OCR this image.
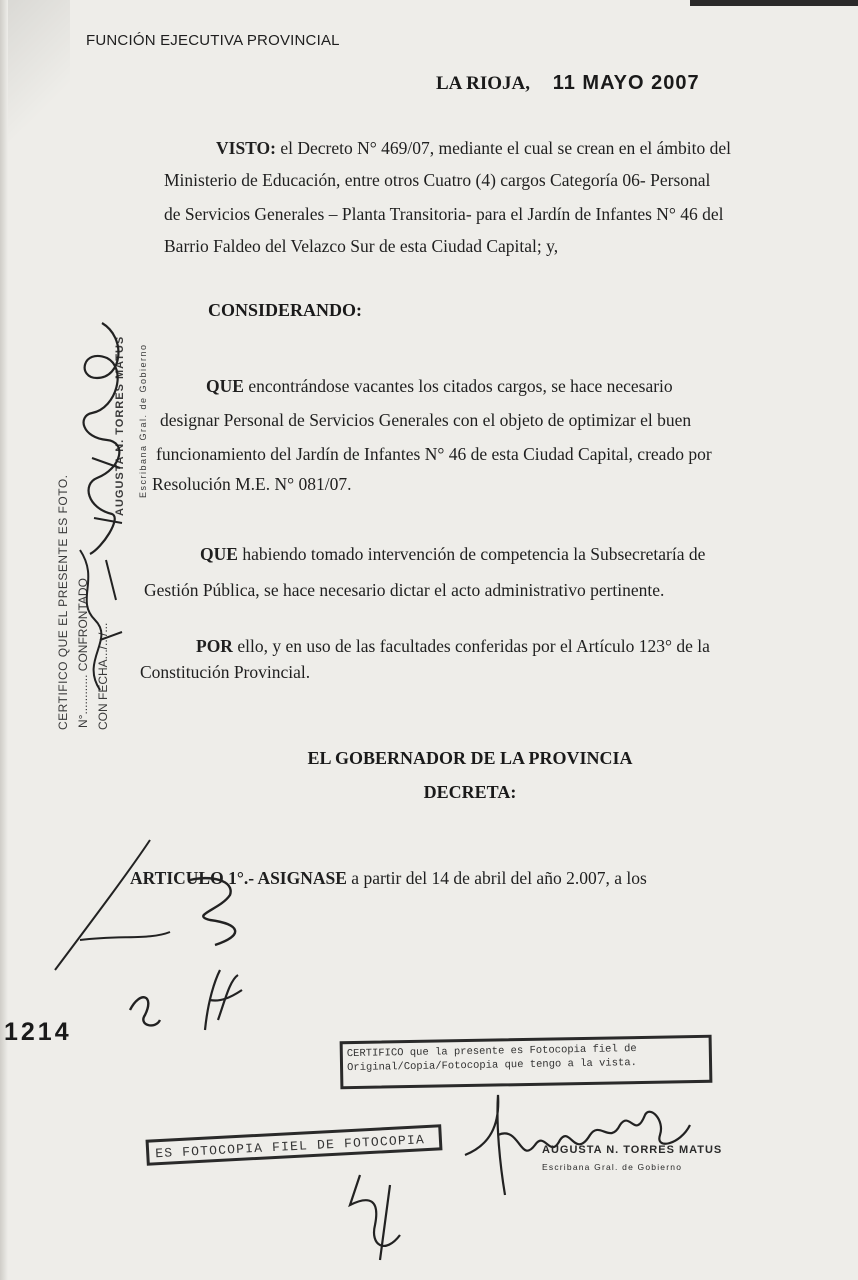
FUNCIÓN EJECUTIVA PROVINCIAL
LA RIOJA, 11 MAYO 2007
VISTO: el Decreto N° 469/07, mediante el cual se crean en el ámbito del
Ministerio de Educación, entre otros Cuatro (4) cargos Categoría 06- Personal
de Servicios Generales – Planta Transitoria- para el Jardín de Infantes N° 46 del
Barrio Faldeo del Velazco Sur de esta Ciudad Capital; y,
CONSIDERANDO:
QUE encontrándose vacantes los citados cargos, se hace necesario
designar Personal de Servicios Generales con el objeto de optimizar el buen
funcionamiento del Jardín de Infantes N° 46 de esta Ciudad Capital, creado por
Resolución M.E. N° 081/07.
QUE habiendo tomado intervención de competencia la Subsecretaría de
Gestión Pública, se hace necesario dictar el acto administrativo pertinente.
POR ello, y en uso de las facultades conferidas por el Artículo 123° de la
Constitución Provincial.
EL GOBERNADOR DE LA PROVINCIA
DECRETA:
ARTICULO 1°.- ASIGNASE a partir del 14 de abril del año 2.007, a los
AUGUSTA N. TORRES MATUS Escribana Gral. de Gobierno
CERTIFICO QUE EL PRESENTE ES FOTO. N°............ CONFRONTADO CON FECHA.../.../...
1214
CERTIFICO que la presente es Fotocopia fiel de
Original/Copia/Fotocopia que tengo a la vista.
ES FOTOCOPIA FIEL DE FOTOCOPIA	AUGUSTA N. TORRES MATUS
Escribana Gral. de Gobierno
